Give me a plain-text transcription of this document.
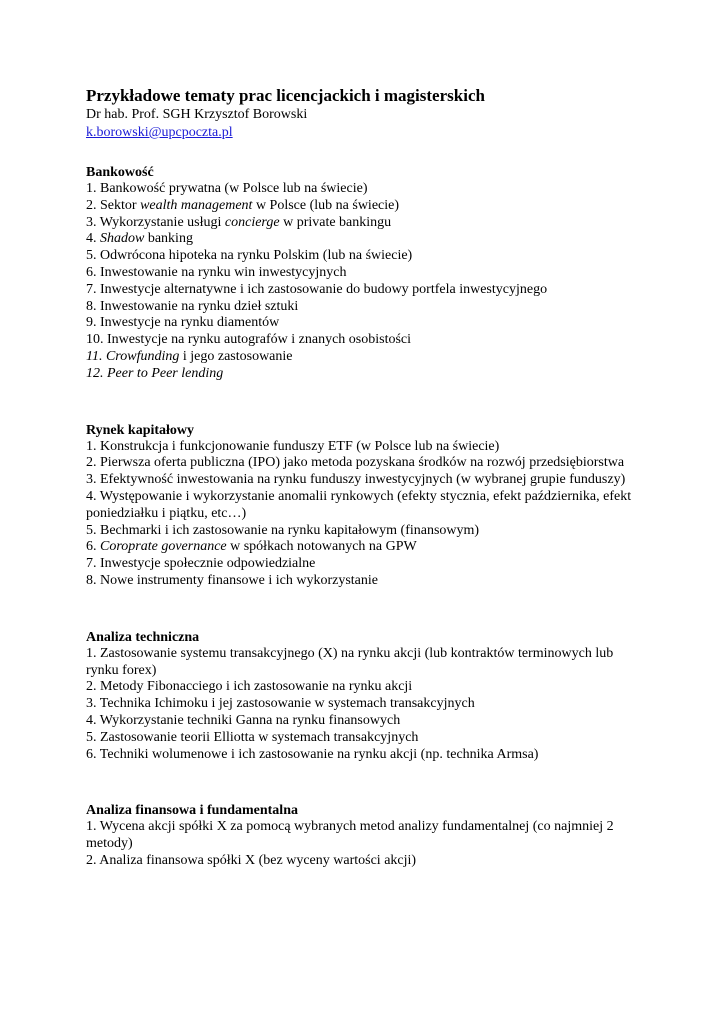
Przykładowe tematy prac licencjackich i magisterskich
Dr hab. Prof. SGH Krzysztof Borowski
k.borowski@upcpoczta.pl
Bankowość
1. Bankowość prywatna (w Polsce lub na świecie)
2. Sektor wealth management w Polsce (lub na świecie)
3. Wykorzystanie usługi concierge w private bankingu
4. Shadow banking
5. Odwrócona hipoteka na rynku Polskim (lub na świecie)
6. Inwestowanie na rynku win inwestycyjnych
7. Inwestycje alternatywne i ich zastosowanie do budowy portfela inwestycyjnego
8. Inwestowanie na rynku dzieł sztuki
9. Inwestycje na rynku diamentów
10. Inwestycje na rynku autografów i znanych osobistości
11. Crowfunding i jego zastosowanie
12. Peer to Peer lending
Rynek kapitałowy
1. Konstrukcja i funkcjonowanie funduszy ETF (w Polsce lub na świecie)
2. Pierwsza oferta publiczna (IPO) jako metoda pozyskana środków na rozwój przedsiębiorstwa
3. Efektywność inwestowania na rynku funduszy inwestycyjnych (w wybranej grupie funduszy)
4. Występowanie i wykorzystanie anomalii rynkowych (efekty stycznia, efekt października, efekt poniedziałku i piątku, etc…)
5. Bechmarki i ich zastosowanie na rynku kapitałowym (finansowym)
6. Coroprate governance w spółkach notowanych na GPW
7. Inwestycje społecznie odpowiedzialne
8. Nowe instrumenty finansowe i ich wykorzystanie
Analiza techniczna
1. Zastosowanie systemu transakcyjnego (X) na rynku akcji (lub kontraktów terminowych lub rynku forex)
2. Metody Fibonacciego i ich zastosowanie na rynku akcji
3. Technika Ichimoku i jej zastosowanie w systemach transakcyjnych
4. Wykorzystanie techniki Ganna na rynku finansowych
5. Zastosowanie teorii Elliotta w systemach transakcyjnych
6. Techniki wolumenowe i ich zastosowanie na rynku akcji (np. technika Armsa)
Analiza finansowa i fundamentalna
1. Wycena akcji spółki X za pomocą wybranych metod analizy fundamentalnej (co najmniej 2 metody)
2. Analiza finansowa spółki X (bez wyceny wartości akcji)
